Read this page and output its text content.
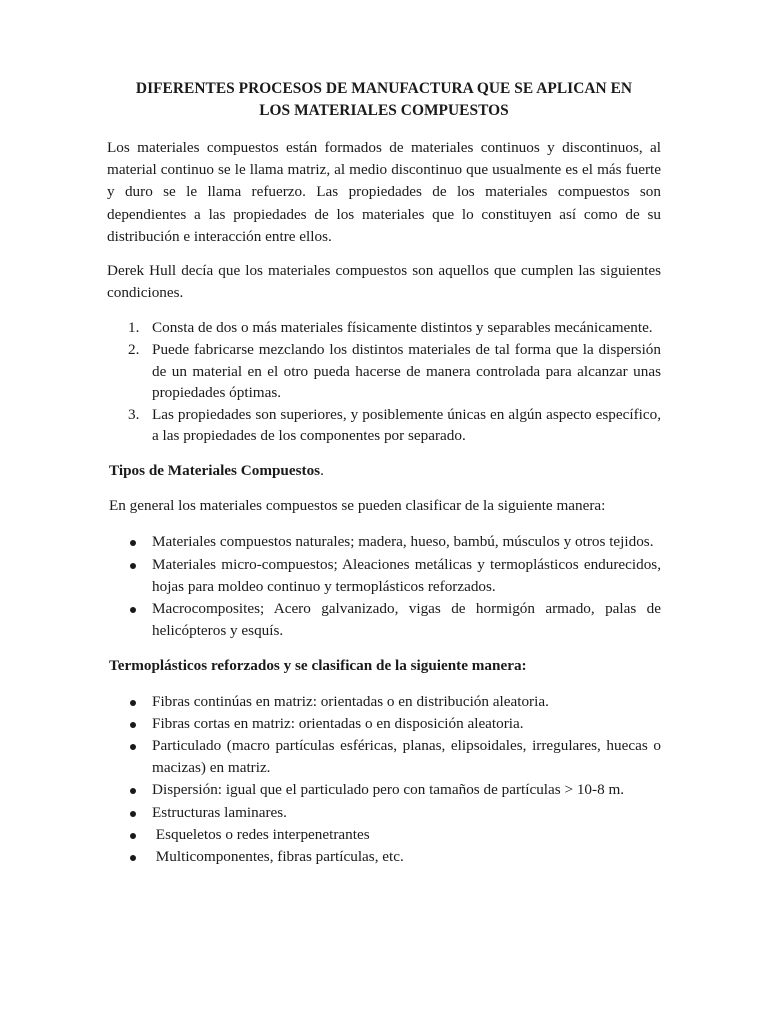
DIFERENTES PROCESOS DE MANUFACTURA QUE SE APLICAN EN
LOS MATERIALES COMPUESTOS

Los materiales compuestos están formados de materiales continuos y discontinuos, al material continuo se le llama matriz, al medio discontinuo que usualmente es el más fuerte y duro se le llama refuerzo. Las propiedades de los materiales compuestos son dependientes a las propiedades de los materiales que lo constituyen así como de su distribución e interacción entre ellos.

Derek Hull decía que los materiales compuestos son aquellos que cumplen las siguientes condiciones.

1. Consta de dos o más materiales físicamente distintos y separables mecánicamente.
2. Puede fabricarse mezclando los distintos materiales de tal forma que la dispersión de un material en el otro pueda hacerse de manera controlada para alcanzar unas propiedades óptimas.
3. Las propiedades son superiores, y posiblemente únicas en algún aspecto específico, a las propiedades de los componentes por separado.
Tipos de Materiales Compuestos.

En general los materiales compuestos se pueden clasificar de la siguiente manera:

Materiales compuestos naturales; madera, hueso, bambú, músculos y otros tejidos.
Materiales micro-compuestos; Aleaciones metálicas y termoplásticos endurecidos, hojas para moldeo continuo y termoplásticos reforzados.
Macrocomposites; Acero galvanizado, vigas de hormigón armado, palas de helicópteros y esquís.
Termoplásticos reforzados y se clasifican de la siguiente manera:
Fibras continúas en matriz: orientadas o en distribución aleatoria.
Fibras cortas en matriz: orientadas o en disposición aleatoria.
Particulado (macro partículas esféricas, planas, elipsoidales, irregulares, huecas o macizas) en matriz.
Dispersión: igual que el particulado pero con tamaños de partículas > 10-8 m.
Estructuras laminares.
Esqueletos o redes interpenetrantes
Multicomponentes, fibras partículas, etc.
